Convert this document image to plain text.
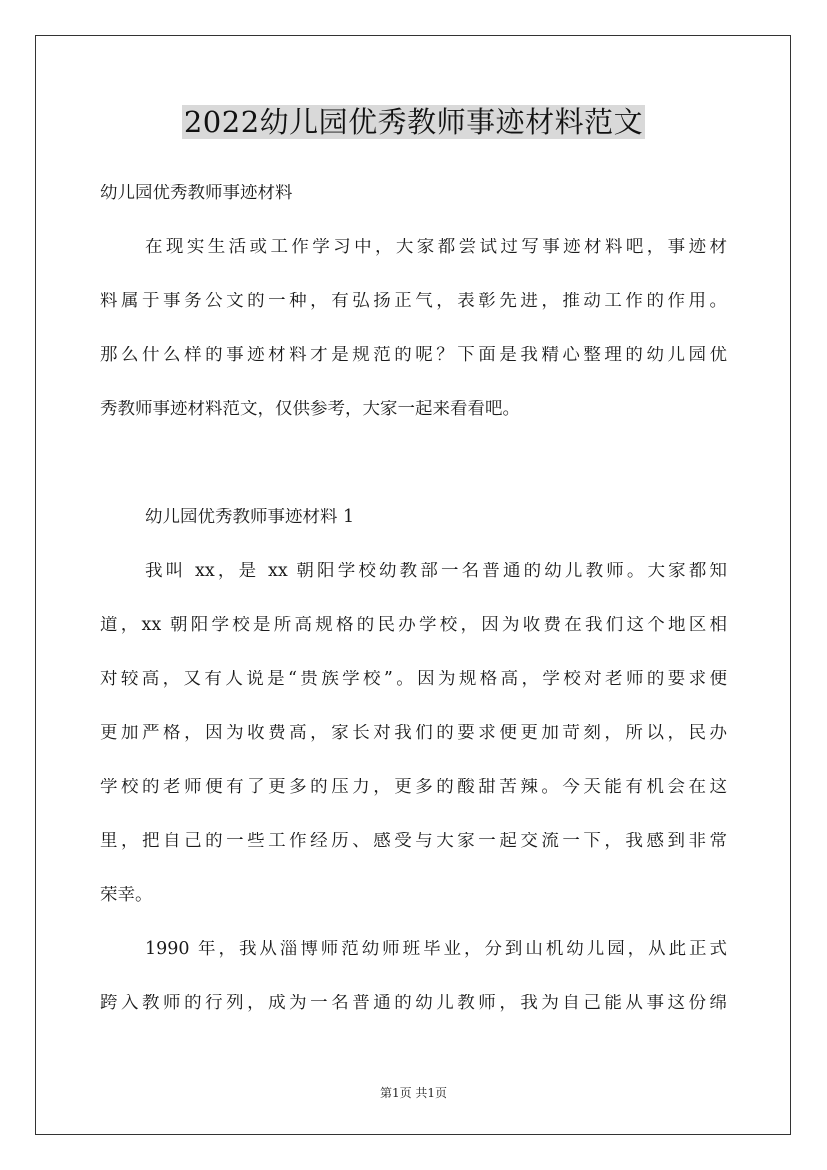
2022幼儿园优秀教师事迹材料范文
幼儿园优秀教师事迹材料
在现实生活或工作学习中，大家都尝试过写事迹材料吧，事迹材
料属于事务公文的一种，有弘扬正气，表彰先进，推动工作的作用。
那么什么样的事迹材料才是规范的呢？下面是我精心整理的幼儿园优
秀教师事迹材料范文，仅供参考，大家一起来看看吧。
幼儿园优秀教师事迹材料 1
我叫 xx，是 xx 朝阳学校幼教部一名普通的幼儿教师。大家都知
道，xx 朝阳学校是所高规格的民办学校，因为收费在我们这个地区相
对较高，又有人说是“贵族学校”。因为规格高，学校对老师的要求便
更加严格，因为收费高，家长对我们的要求便更加苛刻，所以，民办
学校的老师便有了更多的压力，更多的酸甜苦辣。今天能有机会在这
里，把自己的一些工作经历、感受与大家一起交流一下，我感到非常
荣幸。
1990 年，我从淄博师范幼师班毕业，分到山机幼儿园，从此正式
跨入教师的行列，成为一名普通的幼儿教师，我为自己能从事这份绵
第1页 共1页
